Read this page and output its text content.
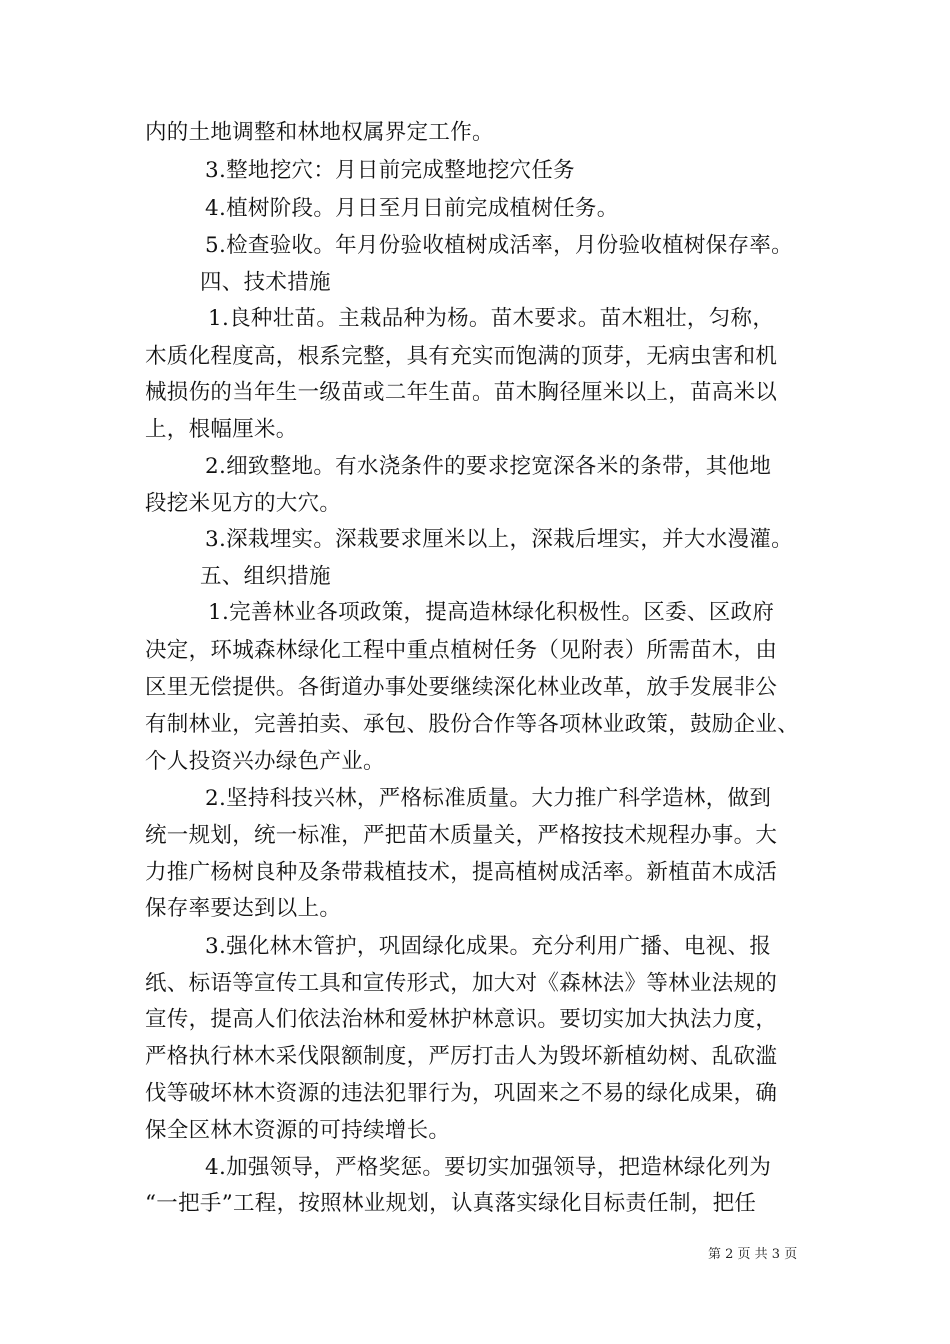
内的土地调整和林地权属界定工作。
3.整地挖穴：月日前完成整地挖穴任务
4.植树阶段。月日至月日前完成植树任务。
5.检查验收。年月份验收植树成活率，月份验收植树保存率。
四、技术措施
1.良种壮苗。主栽品种为杨。苗木要求。苗木粗壮，匀称，
木质化程度高，根系完整，具有充实而饱满的顶芽，无病虫害和机
械损伤的当年生一级苗或二年生苗。苗木胸径厘米以上，苗高米以
上，根幅厘米。
2.细致整地。有水浇条件的要求挖宽深各米的条带，其他地
段挖米见方的大穴。
3.深栽埋实。深栽要求厘米以上，深栽后埋实，并大水漫灌。
五、组织措施
1.完善林业各项政策，提高造林绿化积极性。区委、区政府
决定，环城森林绿化工程中重点植树任务（见附表）所需苗木，由
区里无偿提供。各街道办事处要继续深化林业改革，放手发展非公
有制林业，完善拍卖、承包、股份合作等各项林业政策，鼓励企业、
个人投资兴办绿色产业。
2.坚持科技兴林，严格标准质量。大力推广科学造林，做到
统一规划，统一标准，严把苗木质量关，严格按技术规程办事。大
力推广杨树良种及条带栽植技术，提高植树成活率。新植苗木成活
保存率要达到以上。
3.强化林木管护，巩固绿化成果。充分利用广播、电视、报
纸、标语等宣传工具和宣传形式，加大对《森林法》等林业法规的
宣传，提高人们依法治林和爱林护林意识。要切实加大执法力度，
严格执行林木采伐限额制度，严厉打击人为毁坏新植幼树、乱砍滥
伐等破坏林木资源的违法犯罪行为，巩固来之不易的绿化成果，确
保全区林木资源的可持续增长。
4.加强领导，严格奖惩。要切实加强领导，把造林绿化列为
“一把手”工程，按照林业规划，认真落实绿化目标责任制，把任
第 2 页 共 3 页
